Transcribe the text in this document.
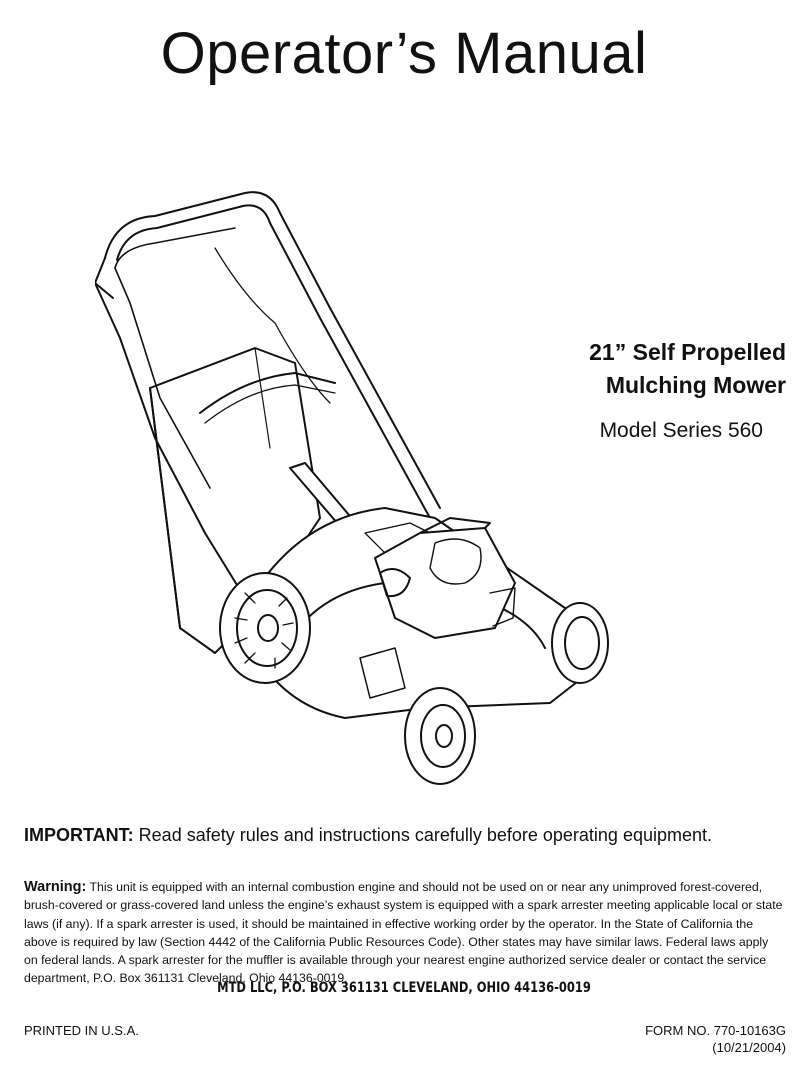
Operator’s Manual
21” Self Propelled
Mulching Mower

Model Series 560

IMPORTANT: Read safety rules and instructions carefully before operating equipment.

Warning: This unit is equipped with an internal combustion engine and should not be used on or near any unimproved forest-covered, brush-covered or grass-covered land unless the engine’s exhaust system is equipped with a spark arrester meeting applicable local or state laws (if any). If a spark arrester is used, it should be maintained in effective working order by the operator. In the State of California the above is required by law (Section 4442 of the California Public Resources Code). Other states may have similar laws. Federal laws apply on federal lands. A spark arrester for the muffler is available through your nearest engine authorized service dealer or contact the service department, P.O. Box 361131 Cleveland, Ohio 44136-0019.

MTD LLC, P.O. BOX 361131 CLEVELAND, OHIO 44136-0019

PRINTED IN U.S.A.	FORM NO. 770-10163G
(10/21/2004)
